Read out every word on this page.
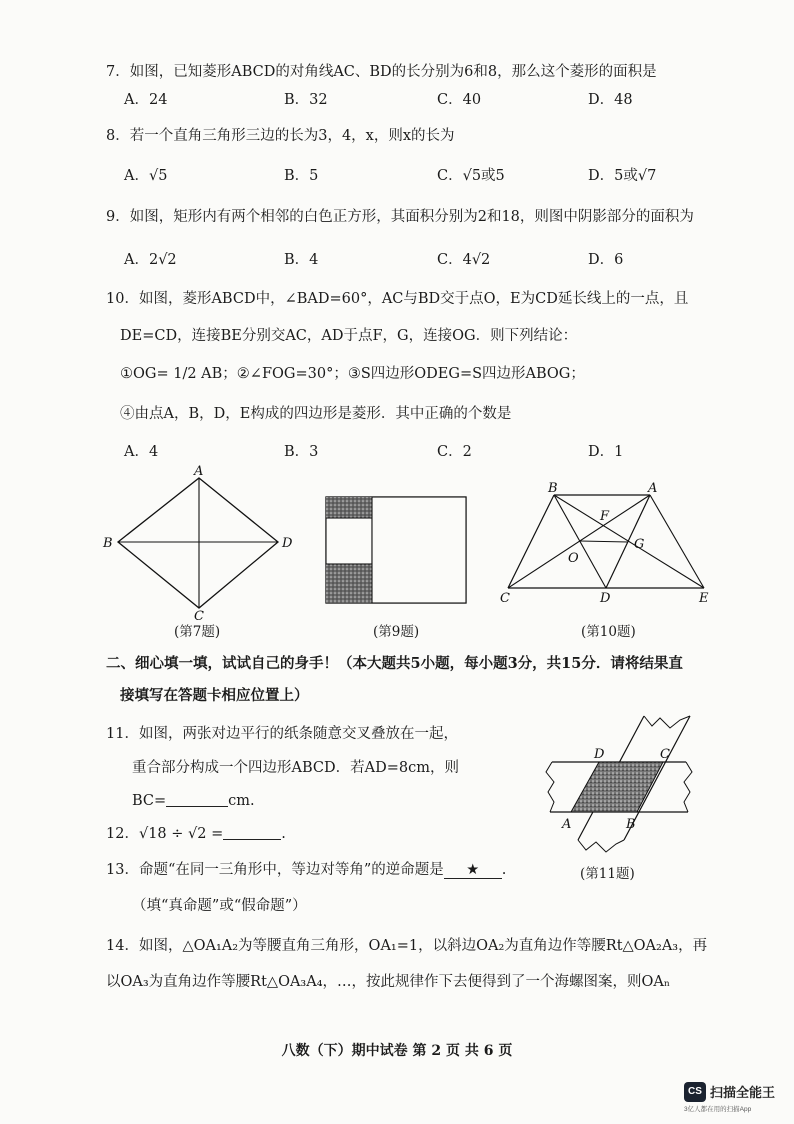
7．如图，已知菱形ABCD的对角线AC、BD的长分别为6和8，那么这个菱形的面积是
A．24	B．32	C．40	D．48
8．若一个直角三角形三边的长为3，4，x，则x的长为
A．√5	B．5	C．√5或5	D．5或√7
9．如图，矩形内有两个相邻的白色正方形，其面积分别为2和18，则图中阴影部分的面积为
A．2√2	B．4	C．4√2	D．6
10．如图，菱形ABCD中，∠BAD=60°，AC与BD交于点O，E为CD延长线上的一点，且
DE=CD，连接BE分别交AC，AD于点F，G，连接OG．则下列结论：
①OG= 1/2 AB；②∠FOG=30°；③S四边形ODEG=S四边形ABOG；
④由点A，B，D，E构成的四边形是菱形．其中正确的个数是
A．4	B．3	C．2	D．1
A
B
C
D
(第7题)	(第9题)
B	A
F
O
G
C	D	E
(第10题)
二、细心填一填，试试自己的身手！（本大题共5小题，每小题3分，共15分．请将结果直
接填写在答题卡相应位置上）
11．如图，两张对边平行的纸条随意交叉叠放在一起，
重合部分构成一个四边形ABCD．若AD=8cm，则
BC=	cm.
12．√18 ÷ √2 =	.
13．命题“在同一三角形中，等边对等角”的逆命题是 ★ .
（填“真命题”或“假命题”）
D	C
A	B
(第11题)
14．如图，△OA₁A₂为等腰直角三角形，OA₁=1，以斜边OA₂为直角边作等腰Rt△OA₂A₃，再
以OA₃为直角边作等腰Rt△OA₃A₄，…，按此规律作下去便得到了一个海螺图案，则OAₙ
八数（下）期中试卷 第 2 页 共 6 页
CS 扫描全能王
3亿人都在用的扫描App
